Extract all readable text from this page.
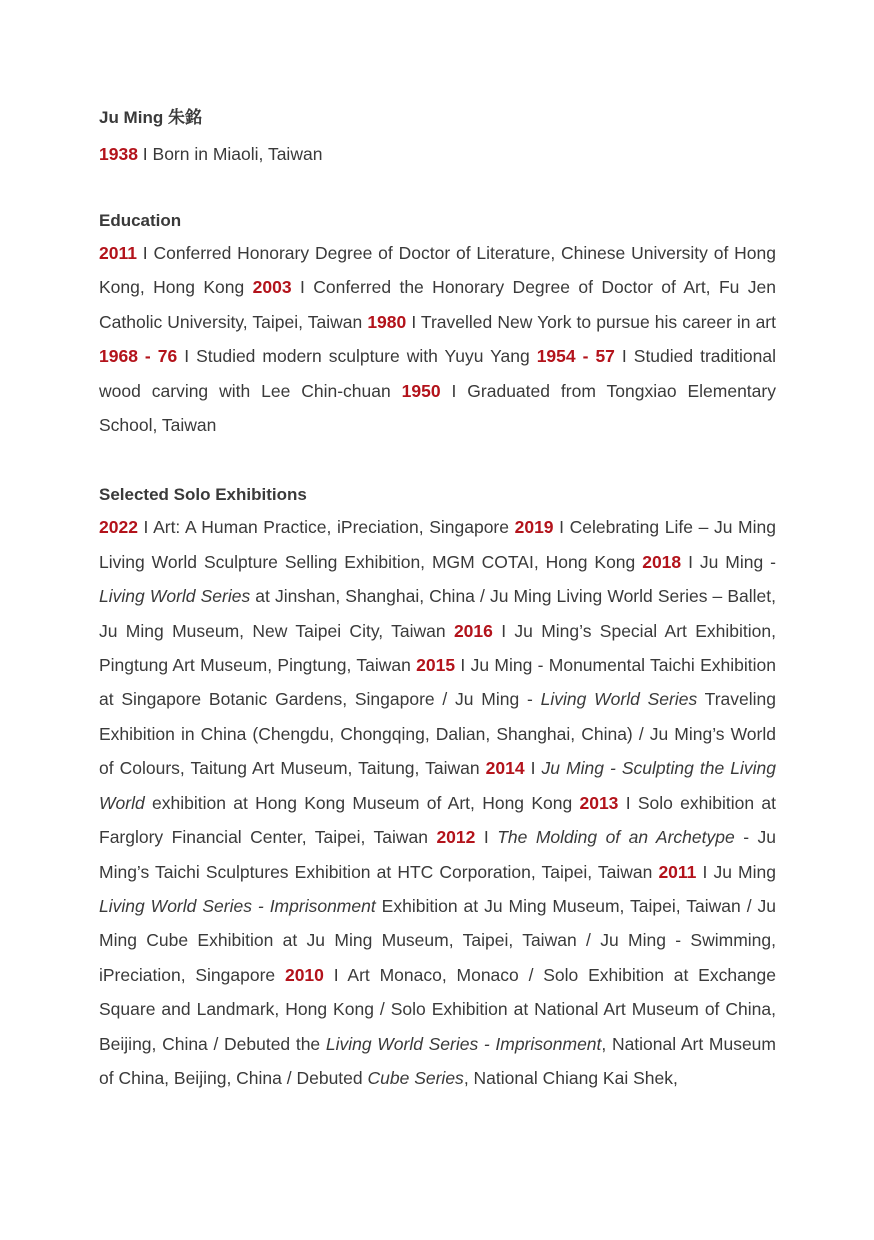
Ju Ming 朱銘

1938 I Born in Miaoli, Taiwan

Education

2011 I Conferred Honorary Degree of Doctor of Literature, Chinese University of Hong Kong, Hong Kong 2003 I Conferred the Honorary Degree of Doctor of Art, Fu Jen Catholic University, Taipei, Taiwan 1980 I Travelled New York to pursue his career in art 1968 - 76 I Studied modern sculpture with Yuyu Yang 1954 - 57 I Studied traditional wood carving with Lee Chin-chuan 1950 I Graduated from Tongxiao Elementary School, Taiwan

Selected Solo Exhibitions

2022 I Art: A Human Practice, iPreciation, Singapore 2019 I Celebrating Life – Ju Ming Living World Sculpture Selling Exhibition, MGM COTAI, Hong Kong 2018 I Ju Ming - Living World Series at Jinshan, Shanghai, China / Ju Ming Living World Series – Ballet, Ju Ming Museum, New Taipei City, Taiwan 2016 I Ju Ming’s Special Art Exhibition, Pingtung Art Museum, Pingtung, Taiwan 2015 I Ju Ming - Monumental Taichi Exhibition at Singapore Botanic Gardens, Singapore / Ju Ming - Living World Series Traveling Exhibition in China (Chengdu, Chongqing, Dalian, Shanghai, China) / Ju Ming’s World of Colours, Taitung Art Museum, Taitung, Taiwan 2014 I Ju Ming - Sculpting the Living World exhibition at Hong Kong Museum of Art, Hong Kong 2013 I Solo exhibition at Farglory Financial Center, Taipei, Taiwan 2012 I The Molding of an Archetype - Ju Ming’s Taichi Sculptures Exhibition at HTC Corporation, Taipei, Taiwan 2011 I Ju Ming Living World Series - Imprisonment Exhibition at Ju Ming Museum, Taipei, Taiwan / Ju Ming Cube Exhibition at Ju Ming Museum, Taipei, Taiwan / Ju Ming - Swimming, iPreciation, Singapore 2010 I Art Monaco, Monaco / Solo Exhibition at Exchange Square and Landmark, Hong Kong / Solo Exhibition at National Art Museum of China, Beijing, China / Debuted the Living World Series - Imprisonment, National Art Museum of China, Beijing, China / Debuted Cube Series, National Chiang Kai Shek,
